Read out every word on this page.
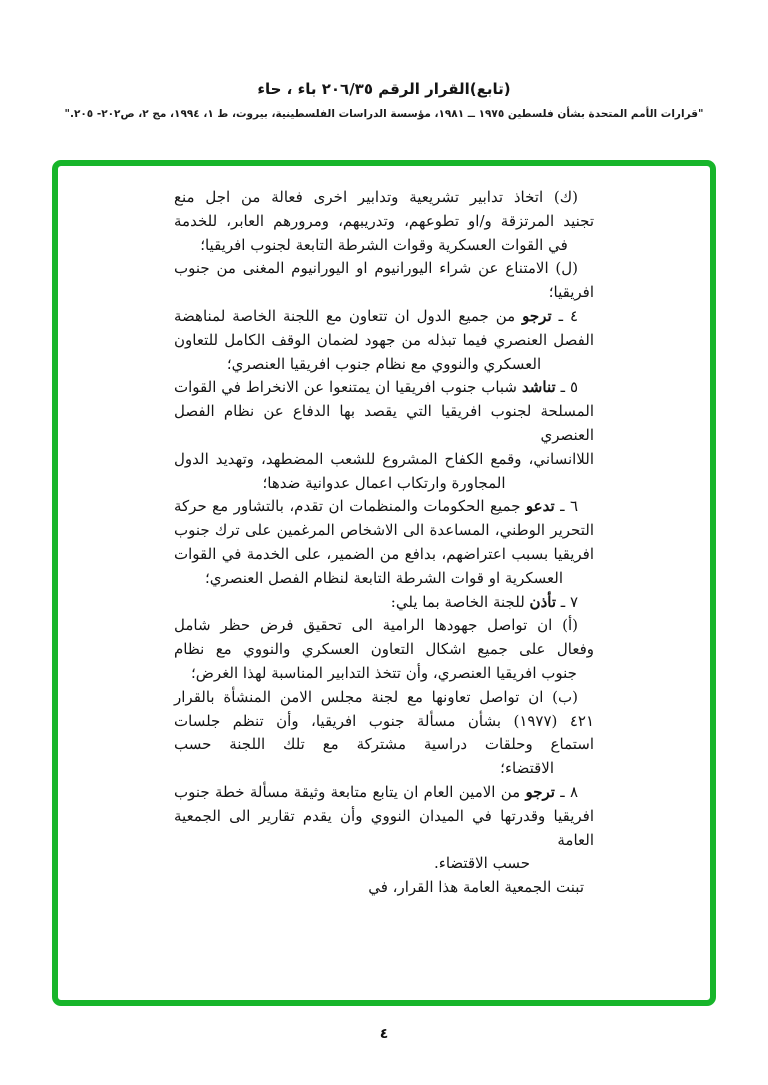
(تابع)القرار الرقم ٢٠٦/٣٥ باء ، حاء
"قرارات الأمم المتحدة بشأن فلسطين ١٩٧٥ ــ ١٩٨١، مؤسسة الدراسات الفلسطينية، بيروت، ط ١، ١٩٩٤، مج ٢، ص٢٠٢- ٢٠٥."
(ك) اتخاذ تدابير تشريعية وتدابير اخرى فعالة من اجل منع
تجنيد المرتزقة و/او تطوعهم، وتدريبهم، ومرورهم العابر، للخدمة
في القوات العسكرية وقوات الشرطة التابعة لجنوب افريقيا؛
(ل) الامتناع عن شراء اليورانيوم او اليورانيوم المغنى من جنوب
افريقيا؛
٤ ـ ترجو من جميع الدول ان تتعاون مع اللجنة الخاصة لمناهضة
الفصل العنصري فيما تبذله من جهود لضمان الوقف الكامل للتعاون
العسكري والنووي مع نظام جنوب افريقيا العنصري؛
٥ ـ تناشد شباب جنوب افريقيا ان يمتنعوا عن الانخراط في القوات
المسلحة لجنوب افريقيا التي يقصد بها الدفاع عن نظام الفصل العنصري
اللاانساني، وقمع الكفاح المشروع للشعب المضطهد، وتهديد الدول
المجاورة وارتكاب اعمال عدوانية ضدها؛
٦ ـ تدعو جميع الحكومات والمنظمات ان تقدم، بالتشاور مع حركة
التحرير الوطني، المساعدة الى الاشخاص المرغمين على ترك جنوب
افريقيا بسبب اعتراضهم، بدافع من الضمير، على الخدمة في القوات
العسكرية او قوات الشرطة التابعة لنظام الفصل العنصري؛
٧ ـ تأذن للجنة الخاصة بما يلي:
(أ) ان تواصل جهودها الرامية الى تحقيق فرض حظر شامل
وفعال على جميع اشكال التعاون العسكري والنووي مع نظام
جنوب افريقيا العنصري، وأن تتخذ التدابير المناسبة لهذا الغرض؛
(ب) ان تواصل تعاونها مع لجنة مجلس الامن المنشأة بالقرار
٤٢١ (١٩٧٧) بشأن مسألة جنوب افريقيا، وأن تنظم جلسات
استماع وحلقات دراسية مشتركة مع تلك اللجنة حسب
الاقتضاء؛
٨ ـ ترجو من الامين العام ان يتابع متابعة وثيقة مسألة خطة جنوب
افريقيا وقدرتها في الميدان النووي وأن يقدم تقارير الى الجمعية العامة
حسب الاقتضاء.
تبنت الجمعية العامة هذا القرار، في
٤
